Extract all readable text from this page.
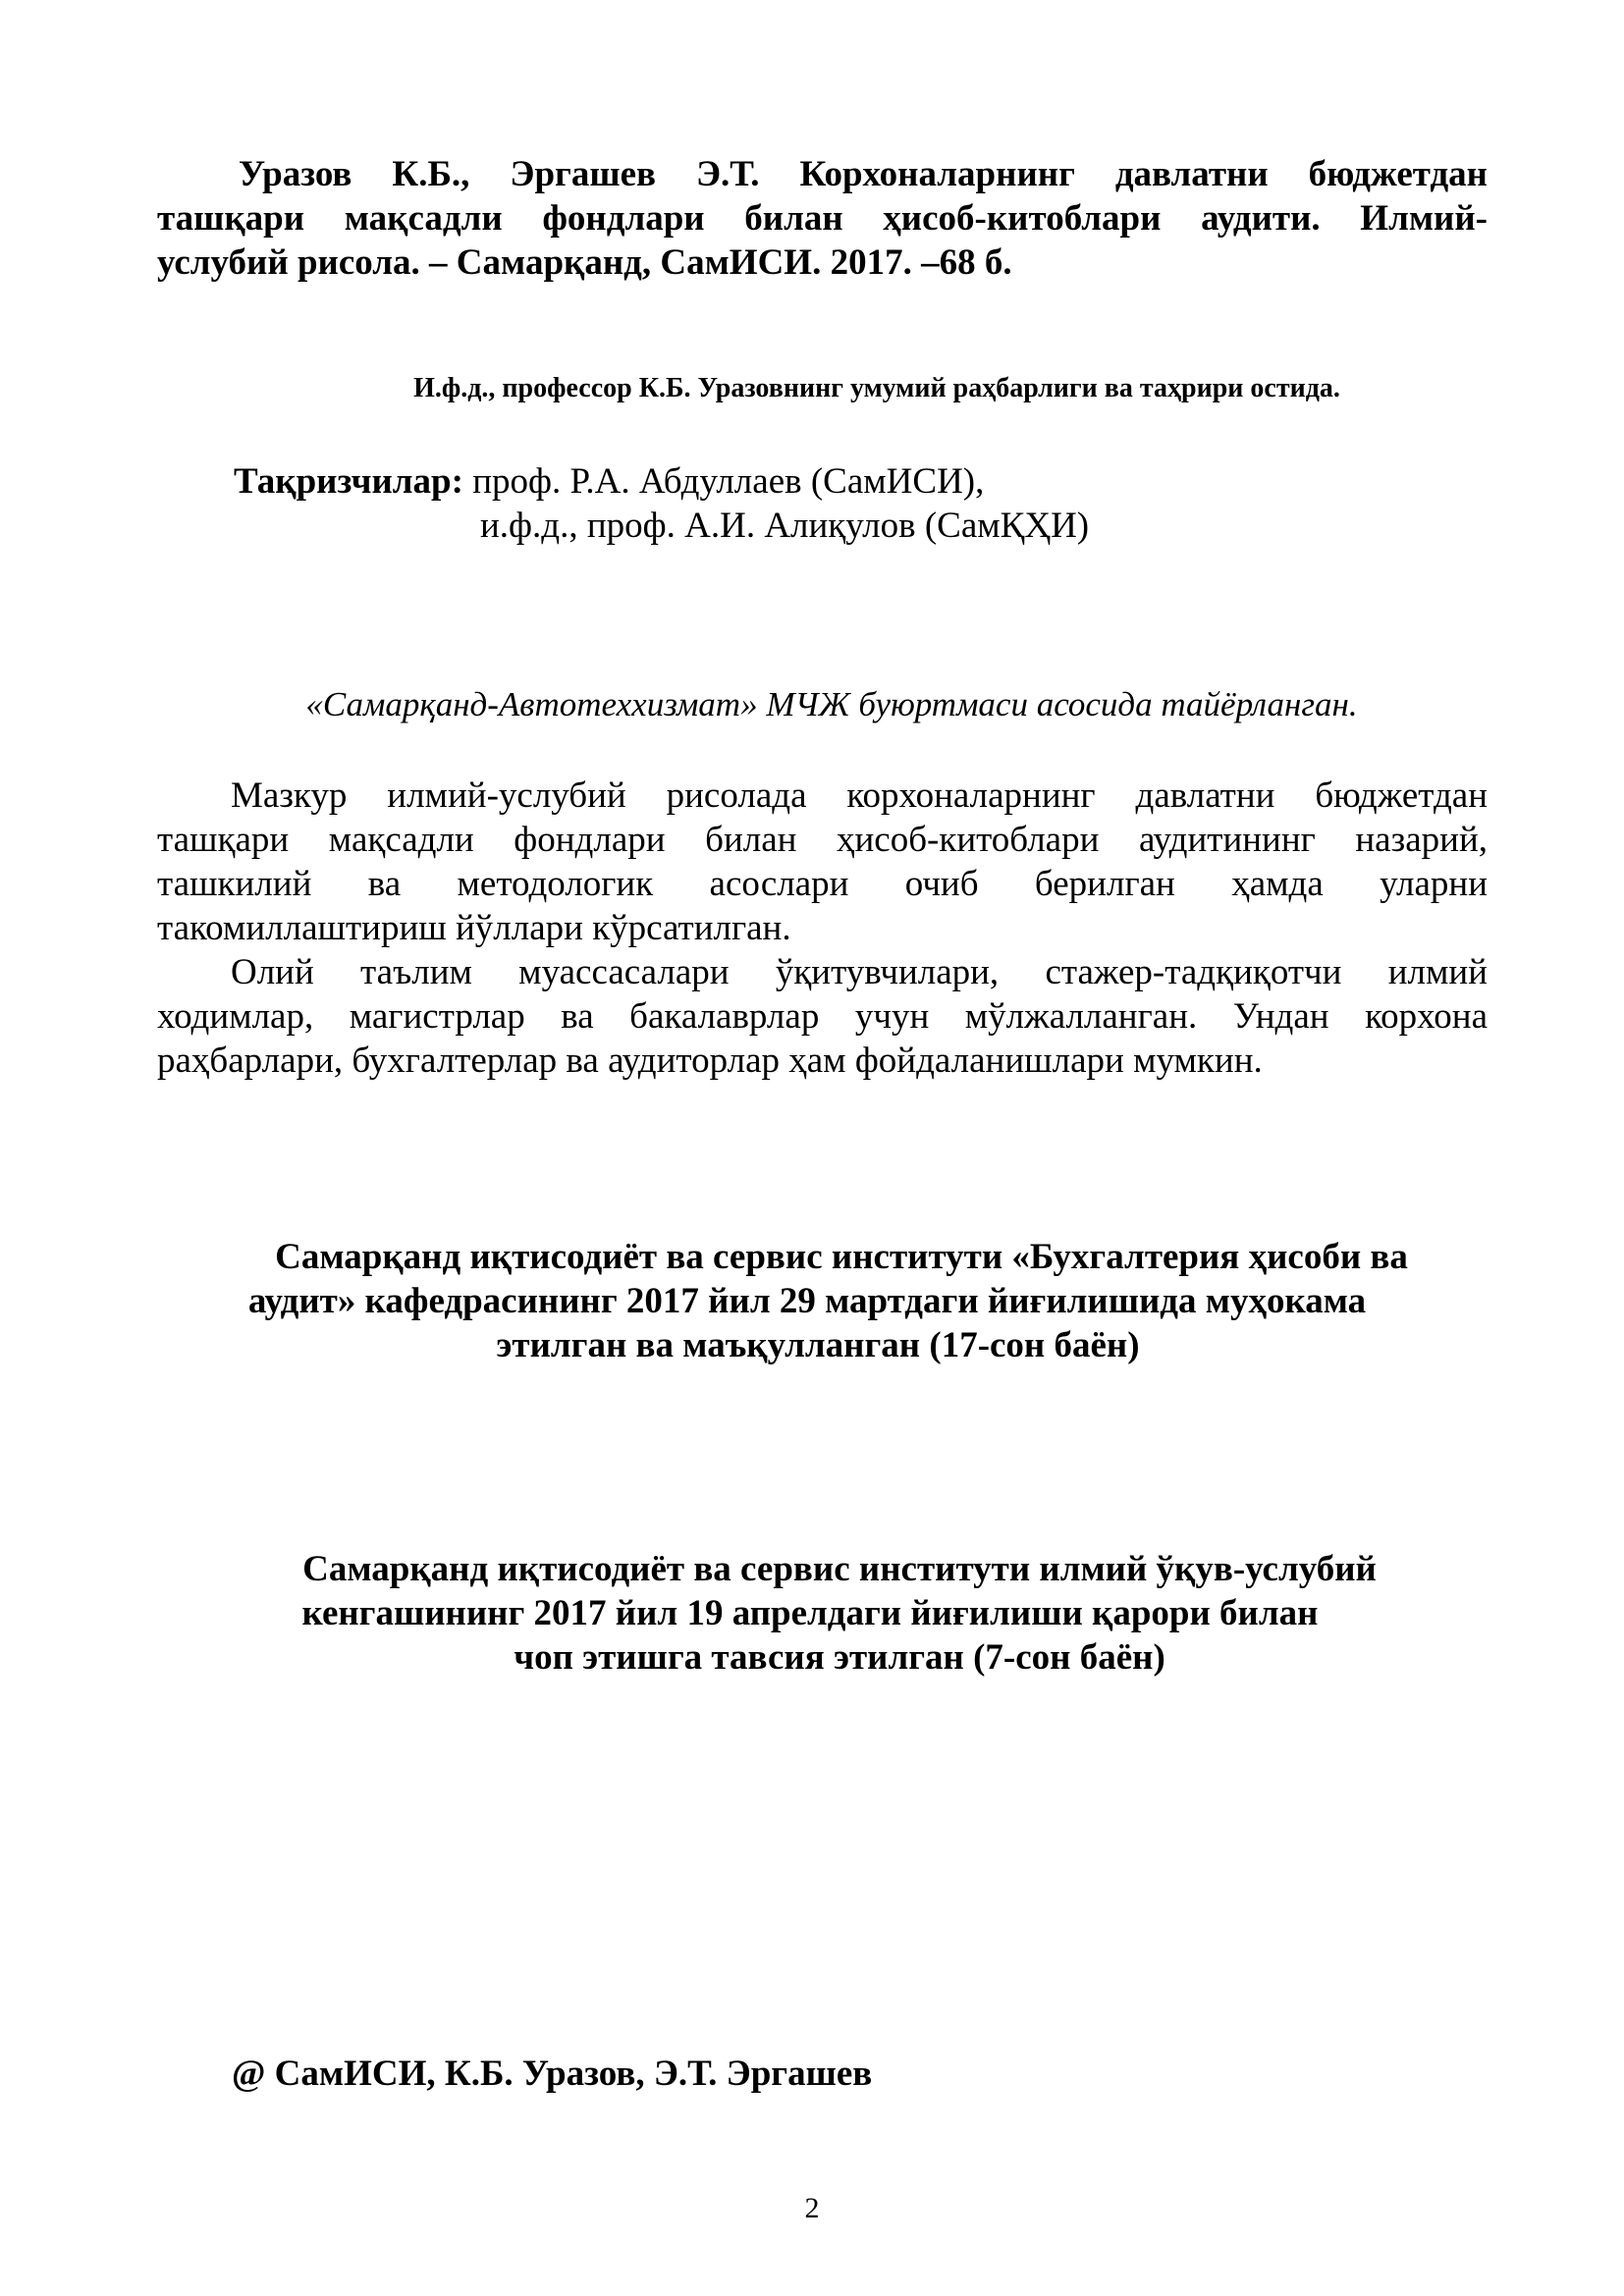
Уразов К.Б., Эргашев Э.Т. Корхоналарнинг давлатни бюджетдан
ташқари мақсадли фондлари билан ҳисоб-китоблари аудити. Илмий-
услубий рисола. – Самарқанд, СамИСИ. 2017. –68 б.

И.ф.д., профессор К.Б. Уразовнинг умумий раҳбарлиги ва таҳрири остида.

Тақризчилар: проф. Р.А. Абдуллаев (СамИСИ),
и.ф.д., проф. А.И. Алиқулов (СамҚҲИ)

«Самарқанд-Автотеххизмат» МЧЖ буюртмаси асосида тайёрланган.

Мазкур илмий-услубий рисолада корхоналарнинг давлатни бюджетдан
ташқари мақсадли фондлари билан ҳисоб-китоблари аудитининг назарий,
ташкилий ва методологик асослари очиб берилган ҳамда уларни
такомиллаштириш йўллари кўрсатилган.
Олий таълим муассасалари ўқитувчилари, стажер-тадқиқотчи илмий
ходимлар, магистрлар ва бакалаврлар учун мўлжалланган. Ундан корхона
раҳбарлари, бухгалтерлар ва аудиторлар ҳам фойдаланишлари мумкин.
Самарқанд иқтисодиёт ва сервис институти «Бухгалтерия ҳисоби ва
аудит» кафедрасининг 2017 йил 29 мартдаги йиғилишида муҳокама
этилган ва маъқулланган (17-сон баён)
Самарқанд иқтисодиёт ва сервис институти илмий ўқув-услубий
кенгашининг 2017 йил 19 апрелдаги йиғилиши қарори билан
чоп этишга тавсия этилган (7-сон баён)

@ СамИСИ, К.Б. Уразов, Э.Т. Эргашев

2
